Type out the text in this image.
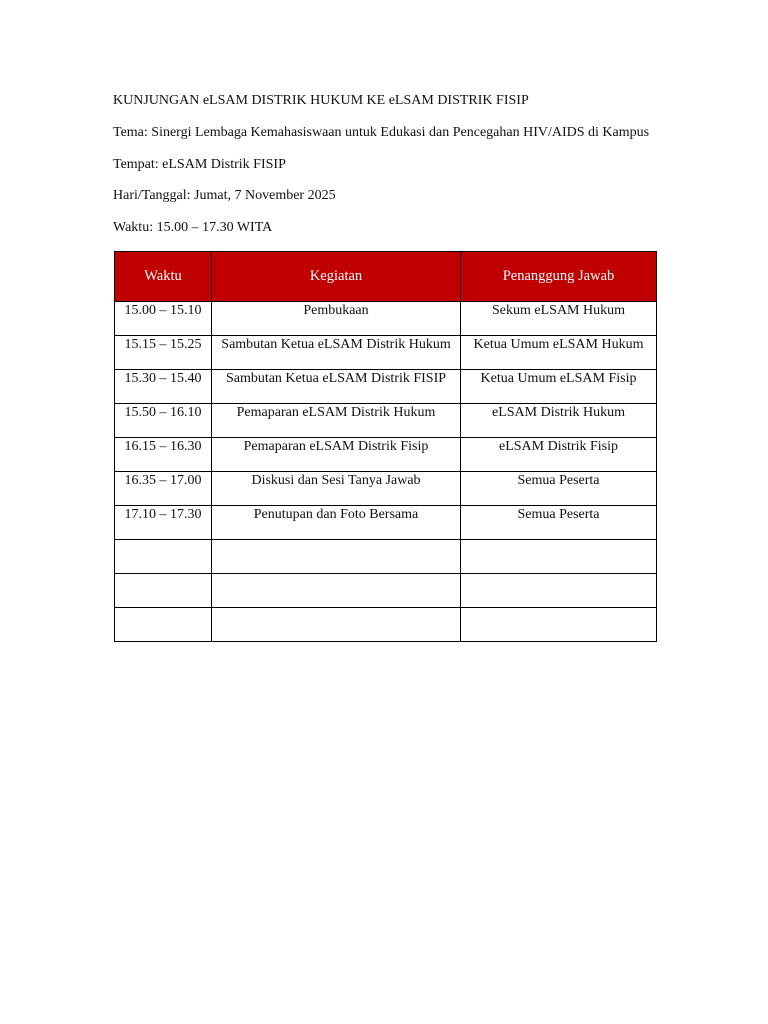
KUNJUNGAN eLSAM DISTRIK HUKUM KE eLSAM DISTRIK FISIP
Tema: Sinergi Lembaga Kemahasiswaan untuk Edukasi dan Pencegahan HIV/AIDS di Kampus
Tempat: eLSAM Distrik FISIP
Hari/Tanggal: Jumat, 7 November 2025
Waktu: 15.00 – 17.30 WITA
Waktu	Kegiatan	Penanggung Jawab
15.00 – 15.10	Pembukaan	Sekum eLSAM Hukum
15.15 – 15.25	Sambutan Ketua eLSAM Distrik Hukum	Ketua Umum eLSAM Hukum
15.30 – 15.40	Sambutan Ketua eLSAM Distrik FISIP	Ketua Umum eLSAM Fisip
15.50 – 16.10	Pemaparan eLSAM Distrik Hukum	eLSAM Distrik Hukum
16.15 – 16.30	Pemaparan eLSAM Distrik Fisip	eLSAM Distrik Fisip
16.35 – 17.00	Diskusi dan Sesi Tanya Jawab	Semua Peserta
17.10 – 17.30	Penutupan dan Foto Bersama	Semua Peserta
